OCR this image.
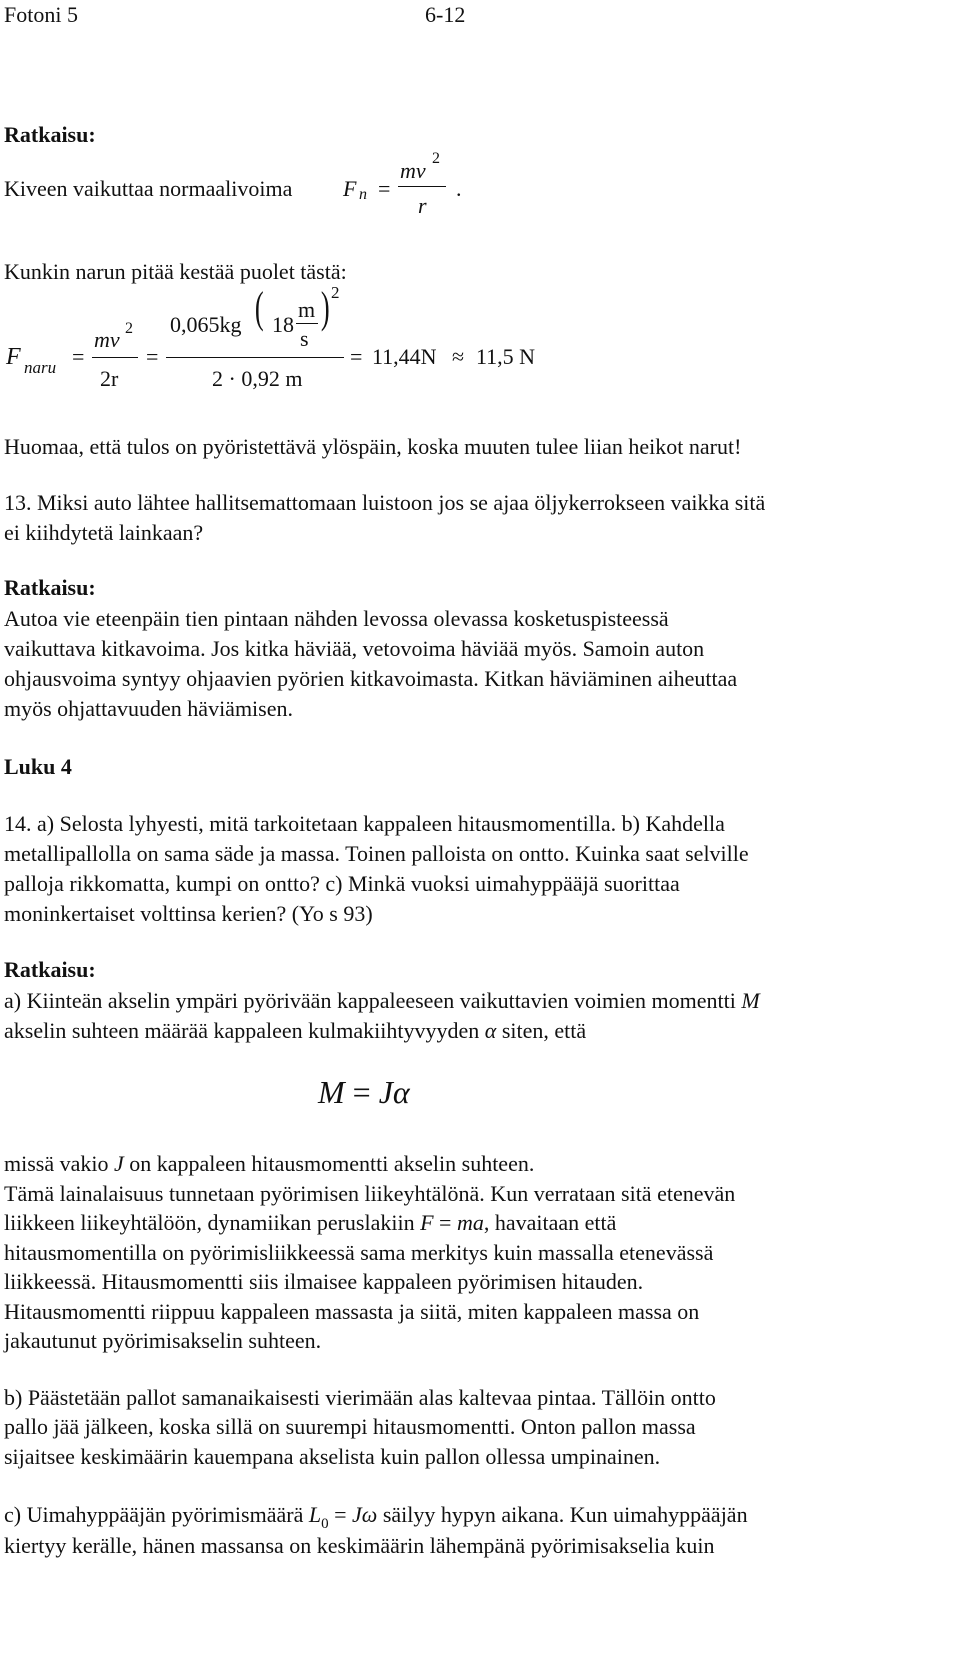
Fotoni 5	6-12
Ratkaisu:
Kiveen vaikuttaa normaalivoima F n =
mv 2
r
.
Kunkin narun pitää kestää puolet tästä:
F naru =
mv 2
2r
=
0,065kg ( 18
m
s
) 2
2 · 0,92 m
= 11,44N ≈ 11,5 N
Huomaa, että tulos on pyöristettävä ylöspäin, koska muuten tulee liian heikot narut!
13. Miksi auto lähtee hallitsemattomaan luistoon jos se ajaa öljykerrokseen vaikka sitä
ei kiihdytetä lainkaan?
Ratkaisu:
Autoa vie eteenpäin tien pintaan nähden levossa olevassa kosketuspisteessä
vaikuttava kitkavoima. Jos kitka häviää, vetovoima häviää myös. Samoin auton
ohjausvoima syntyy ohjaavien pyörien kitkavoimasta. Kitkan häviäminen aiheuttaa
myös ohjattavuuden häviämisen.
Luku 4
14. a) Selosta lyhyesti, mitä tarkoitetaan kappaleen hitausmomentilla. b) Kahdella
metallipallolla on sama säde ja massa. Toinen palloista on ontto. Kuinka saat selville
palloja rikkomatta, kumpi on ontto? c) Minkä vuoksi uimahyppääjä suorittaa
moninkertaiset volttinsa kerien? (Yo s 93)
Ratkaisu:
a) Kiinteän akselin ympäri pyörivään kappaleeseen vaikuttavien voimien momentti M
akselin suhteen määrää kappaleen kulmakiihtyvyyden α siten, että
M = Jα
missä vakio J on kappaleen hitausmomentti akselin suhteen.
Tämä lainalaisuus tunnetaan pyörimisen liikeyhtälönä. Kun verrataan sitä etenevän
liikkeen liikeyhtälöön, dynamiikan peruslakiin F = ma, havaitaan että
hitausmomentilla on pyörimisliikkeessä sama merkitys kuin massalla etenevässä
liikkeessä. Hitausmomentti siis ilmaisee kappaleen pyörimisen hitauden.
Hitausmomentti riippuu kappaleen massasta ja siitä, miten kappaleen massa on
jakautunut pyörimisakselin suhteen.
b) Päästetään pallot samanaikaisesti vierimään alas kaltevaa pintaa. Tällöin ontto
pallo jää jälkeen, koska sillä on suurempi hitausmomentti. Onton pallon massa
sijaitsee keskimäärin kauempana akselista kuin pallon ollessa umpinainen.
c) Uimahyppääjän pyörimismäärä $L_0 = J\omega$ säilyy hypyn aikana. Kun uimahyppääjän
kiertyy kerälle, hänen massansa on keskimäärin lähempänä pyörimisakselia kuin
